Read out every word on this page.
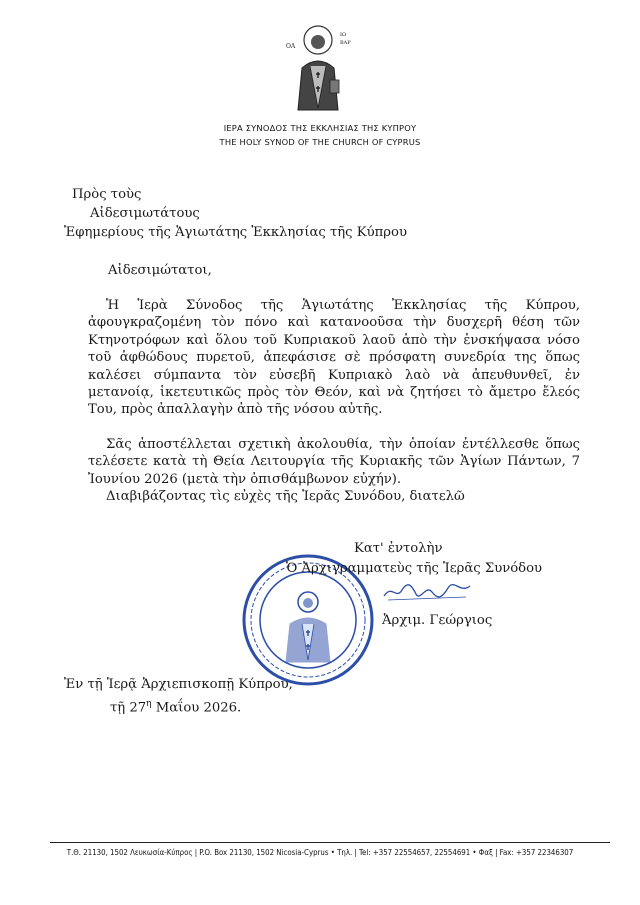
ΟΑ
ΙΩ
ΒΑΡ
ΙΕΡΑ ΣΥΝΟΔΟΣ ΤΗΣ ΕΚΚΛΗΣΙΑΣ ΤΗΣ ΚΥΠΡΟΥ
THE HOLY SYNOD OF THE CHURCH OF CYPRUS
Πρὸς τοὺς
Αἰδεσιμωτάτους
Ἐφημερίους τῆς Ἁγιωτάτης Ἐκκλησίας τῆς Κύπρου
Αἰδεσιμώτατοι,
Ἡ Ἱερὰ Σύνοδος τῆς Ἁγιωτάτης Ἐκκλησίας τῆς Κύπρου, ἀφουγκραζομένη τὸν πόνο καὶ κατανοοῦσα τὴν δυσχερῆ θέση τῶν Κτηνοτρόφων καὶ ὅλου τοῦ Κυπριακοῦ λαοῦ ἀπὸ τὴν ἐνσκήψασα νόσο τοῦ ἀφθώδους πυρετοῦ, ἀπεφάσισε σὲ πρόσφατη συνεδρία της ὅπως καλέσει σύμπαντα τὸν εὐσεβῆ Κυπριακὸ λαὸ νὰ ἀπευθυνθεῖ, ἐν μετανοίᾳ, ἱκετευτικῶς πρὸς τὸν Θεόν, καὶ νὰ ζητήσει τὸ ἄμετρο ἔλεός Του, πρὸς ἀπαλλαγὴν ἀπὸ τῆς νόσου αὐτῆς.
Σᾶς ἀποστέλλεται σχετικὴ ἀκολουθία, τὴν ὁποίαν ἐντέλλεσθε ὅπως τελέσετε κατὰ τὴ Θεία Λειτουργία τῆς Κυριακῆς τῶν Ἁγίων Πάντων, 7 Ἰουνίου 2026 (μετὰ τὴν ὀπισθάμβωνον εὐχήν).
Διαβιβάζοντας τὶς εὐχὲς τῆς Ἱερᾶς Συνόδου, διατελῶ
Κατ' ἐντολὴν
Ὁ Ἀρχιγραμματεὺς τῆς Ἱερᾶς Συνόδου
Ἀρχιμ. Γεώργιος
Ἐν τῇ Ἱερᾷ Ἀρχιεπισκοπῇ Κύπρου,
τῇ $27^\eta$ Μαΐου 2026.
Τ.Θ. 21130, 1502 Λευκωσία-Κύπρος | P.O. Box 21130, 1502 Nicosia-Cyprus • Τηλ. | Tel: +357 22554657, 22554691 • Φαξ | Fax: +357 22346307
